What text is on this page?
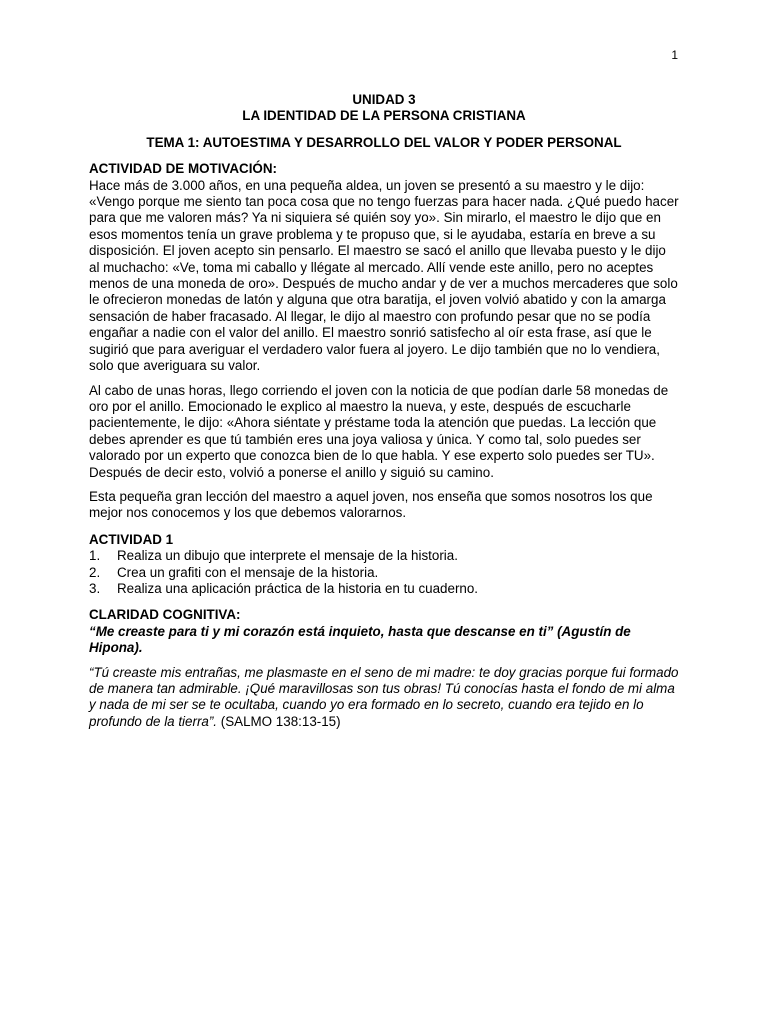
1
UNIDAD 3
LA IDENTIDAD DE LA PERSONA CRISTIANA
TEMA 1: AUTOESTIMA Y DESARROLLO DEL VALOR Y PODER PERSONAL
ACTIVIDAD DE MOTIVACIÓN:

Hace más de 3.000 años, en una pequeña aldea, un joven se presentó a su maestro y le dijo: «Vengo porque me siento tan poca cosa que no tengo fuerzas para hacer nada. ¿Qué puedo hacer para que me valoren más? Ya ni siquiera sé quién soy yo». Sin mirarlo, el maestro le dijo que en esos momentos tenía un grave problema y te propuso que, si le ayudaba, estaría en breve a su disposición. El joven acepto sin pensarlo. El maestro se sacó el anillo que llevaba puesto y le dijo al muchacho: «Ve, toma mi caballo y llégate al mercado. Allí vende este anillo, pero no aceptes menos de una moneda de oro». Después de mucho andar y de ver a muchos mercaderes que solo le ofrecieron monedas de latón y alguna que otra baratija, el joven volvió abatido y con la amarga sensación de haber fracasado. Al llegar, le dijo al maestro con profundo pesar que no se podía engañar a nadie con el valor del anillo. El maestro sonrió satisfecho al oír esta frase, así que le sugirió que para averiguar el verdadero valor fuera al joyero. Le dijo también que no lo vendiera, solo que averiguara su valor.

Al cabo de unas horas, llego corriendo el joven con la noticia de que podían darle 58 monedas de oro por el anillo. Emocionado le explico al maestro la nueva, y este, después de escucharle pacientemente, le dijo: «Ahora siéntate y préstame toda la atención que puedas. La lección que debes aprender es que tú también eres una joya valiosa y única. Y como tal, solo puedes ser valorado por un experto que conozca bien de lo que habla. Y ese experto solo puedes ser TU». Después de decir esto, volvió a ponerse el anillo y siguió su camino.

Esta pequeña gran lección del maestro a aquel joven, nos enseña que somos nosotros los que mejor nos conocemos y los que debemos valorarnos.

ACTIVIDAD 1
1.	Realiza un dibujo que interprete el mensaje de la historia.
2.	Crea un grafiti con el mensaje de la historia.
3.	Realiza una aplicación práctica de la historia en tu cuaderno.
CLARIDAD COGNITIVA:
“Me creaste para ti y mi corazón está inquieto, hasta que descanse en ti” (Agustín de Hipona).

“Tú creaste mis entrañas, me plasmaste en el seno de mi madre: te doy gracias porque fui formado de manera tan admirable. ¡Qué maravillosas son tus obras! Tú conocías hasta el fondo de mi alma y nada de mi ser se te ocultaba, cuando yo era formado en lo secreto, cuando era tejido en lo profundo de la tierra”. (SALMO 138:13-15)
